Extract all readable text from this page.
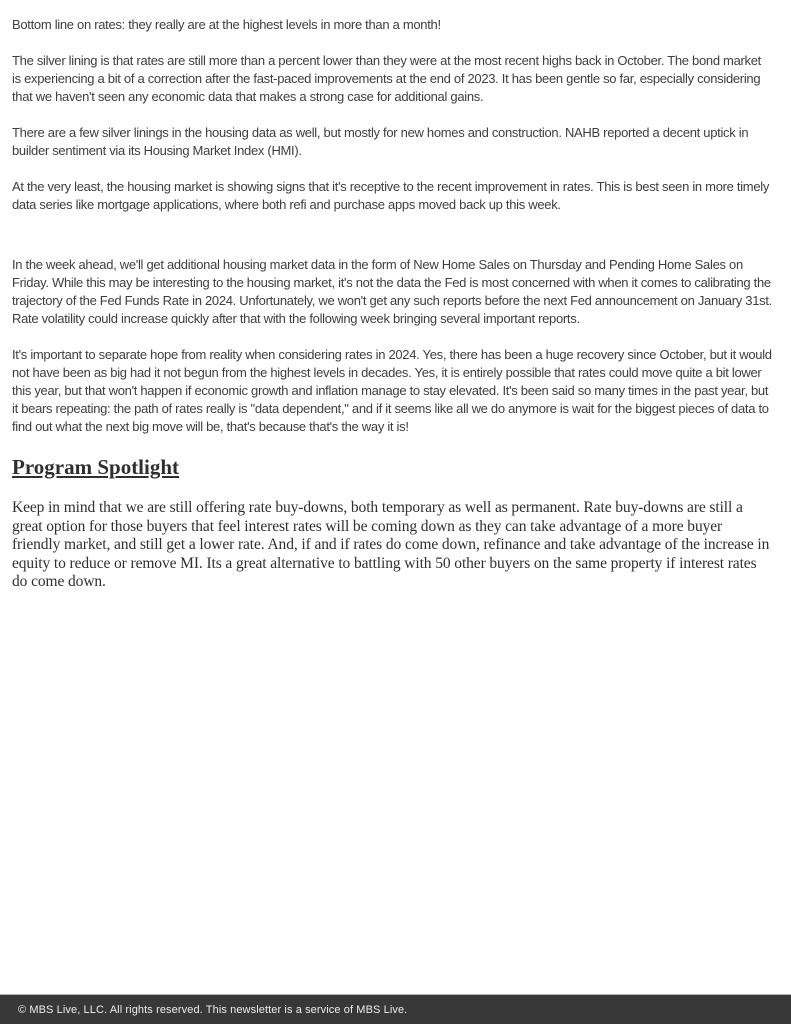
Bottom line on rates: they really are at the highest levels in more than a month!

The silver lining is that rates are still more than a percent lower than they were at the most recent highs back in October. The bond market is experiencing a bit of a correction after the fast-paced improvements at the end of 2023. It has been gentle so far, especially considering that we haven't seen any economic data that makes a strong case for additional gains.

There are a few silver linings in the housing data as well, but mostly for new homes and construction. NAHB reported a decent uptick in builder sentiment via its Housing Market Index (HMI).

At the very least, the housing market is showing signs that it's receptive to the recent improvement in rates. This is best seen in more timely data series like mortgage applications, where both refi and purchase apps moved back up this week.

In the week ahead, we'll get additional housing market data in the form of New Home Sales on Thursday and Pending Home Sales on Friday. While this may be interesting to the housing market, it's not the data the Fed is most concerned with when it comes to calibrating the trajectory of the Fed Funds Rate in 2024. Unfortunately, we won't get any such reports before the next Fed announcement on January 31st. Rate volatility could increase quickly after that with the following week bringing several important reports.

It's important to separate hope from reality when considering rates in 2024. Yes, there has been a huge recovery since October, but it would not have been as big had it not begun from the highest levels in decades. Yes, it is entirely possible that rates could move quite a bit lower this year, but that won't happen if economic growth and inflation manage to stay elevated. It's been said so many times in the past year, but it bears repeating: the path of rates really is "data dependent," and if it seems like all we do anymore is wait for the biggest pieces of data to find out what the next big move will be, that's because that's the way it is!

Program Spotlight

Keep in mind that we are still offering rate buy-downs, both temporary as well as permanent. Rate buy-downs are still a great option for those buyers that feel interest rates will be coming down as they can take advantage of a more buyer friendly market, and still get a lower rate. And, if and if rates do come down, refinance and take advantage of the increase in equity to reduce or remove MI. Its a great alternative to battling with 50 other buyers on the same property if interest rates do come down.

© MBS Live, LLC. All rights reserved. This newsletter is a service of MBS Live.
